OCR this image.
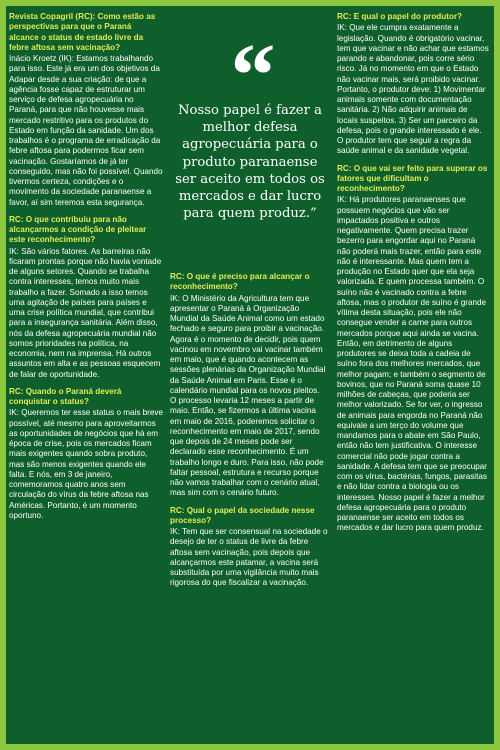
Revista Copagril (RC): Como estão as perspectivas para que o Paraná alcance o status de estado livre da febre aftosa sem vacinação?

Inácio Kroetz (IK): Estamos trabalhando para isso. Este já era um dos objetivos da Adapar desde a sua criação: de que a agência fosse capaz de estruturar um serviço de defesa agropecuária no Paraná, para que não houvesse mais mercado restritivo para os produtos do Estado em função da sanidade. Um dos trabalhos é o programa de erradicação da febre aftosa para podermos ficar sem vacinação. Gostaríamos de já ter conseguido, mas não foi possível. Quando tivermos certeza, condições e o movimento da sociedade paranaense a favor, aí sim teremos esta segurança.

RC: O que contribuiu para não alcançarmos a condição de pleitear este reconhecimento?

IK: São vários fatores. As barreiras não ficaram prontas porque não havia vontade de alguns setores. Quando se trabalha contra interesses, temos muito mais trabalho a fazer. Somado a isso temos uma agitação de países para países e uma crise política mundial, que contribui para a insegurança sanitária. Além disso, nós da defesa agropecuária mundial não somos prioridades na política, na economia, nem na imprensa. Há outros assuntos em alta e as pessoas esquecem de falar de oportunidade.

RC: Quando o Paraná deverá conquistar o status?

IK: Queremos ter esse status o mais breve possível, até mesmo para aproveitarmos as oportunidades de negócios que há em época de crise, pois os mercados ficam mais exigentes quando sobra produto, mas são menos exigentes quando ele falta. E nós, em 3 de janeiro, comemoramos quatro anos sem circulação do vírus da febre aftosa nas Américas. Portanto, é um momento oportuno.

“
Nosso papel é fazer a melhor defesa agropecuária para o produto paranaense ser aceito em todos os mercados e dar lucro para quem produz.”

RC: O que é preciso para alcançar o reconhecimento?

IK: O Ministério da Agricultura tem que apresentar o Paraná à Organização Mundial da Saúde Animal como um estado fechado e seguro para proibir a vacinação. Agora é o momento de decidir, pois quem vacinou em novembro vai vacinar também em maio, que é quando acontecem as sessões plenárias da Organização Mundial da Saúde Animal em Paris. Esse é o calendário mundial para os novos pleitos. O processo levaria 12 meses a partir de maio. Então, se fizermos a última vacina em maio de 2016, poderemos solicitar o reconhecimento em maio de 2017, sendo que depois de 24 meses pode ser declarado esse reconhecimento. É um trabalho longo e duro. Para isso, não pode faltar pessoal, estrutura e recurso porque não vamos trabalhar com o cenário atual, mas sim com o cenário futuro.

RC: Qual o papel da sociedade nesse processo?

IK: Tem que ser consensual na sociedade o desejo de ter o status de livre da febre aftosa sem vacinação, pois depois que alcançarmos este patamar, a vacina será substituída por uma vigilância muito mais rigorosa do que fiscalizar a vacinação.

RC: E qual o papel do produtor?

IK: Que ele cumpra exatamente a legislação. Quando é obrigatório vacinar, tem que vacinar e não achar que estamos parando e abandonar, pois corre sério risco. Já no momento em que o Estado não vacinar mais, será proibido vacinar. Portanto, o produtor deve: 1) Movimentar animais somente com documentação sanitária. 2) Não adquirir animais de locais suspeitos. 3) Ser um parceiro da defesa, pois o grande interessado é ele. O produtor tem que seguir a regra da saúde animal e da sanidade vegetal.

RC: O que vai ser feito para superar os fatores que dificultam o reconhecimento?

IK: Há produtores paranaenses que possuem negócios que vão ser impactados positiva e outros negativamente. Quem precisa trazer bezerro para engordar aqui no Paraná não poderá mais trazer, então para este não é interessante. Mas quem tem a produção no Estado quer que ela seja valorizada. E quem processa também. O suíno não é vacinado contra a febre aftosa, mas o produtor de suíno é grande vítima desta situação, pois ele não consegue vender a carne para outros mercados porque aqui ainda se vacina. Então, em detrimento de alguns produtores se deixa toda a cadeia de suíno fora dos melhores mercados, que melhor pagam; e também o segmento de bovinos, que no Paraná soma quase 10 milhões de cabeças, que poderia ser melhor valorizado. Se for ver, o ingresso de animais para engorda no Paraná não equivale a um terço do volume que mandamos para o abate em São Paulo, então não tem justificativa. O interesse comercial não pode jogar contra a sanidade. A defesa tem que se preocupar com os vírus, bactérias, fungos, parasitas e não lidar contra a biologia ou os interesses. Nosso papel é fazer a melhor defesa agropecuária para o produto paranaense ser aceito em todos os mercados e dar lucro para quem produz.
